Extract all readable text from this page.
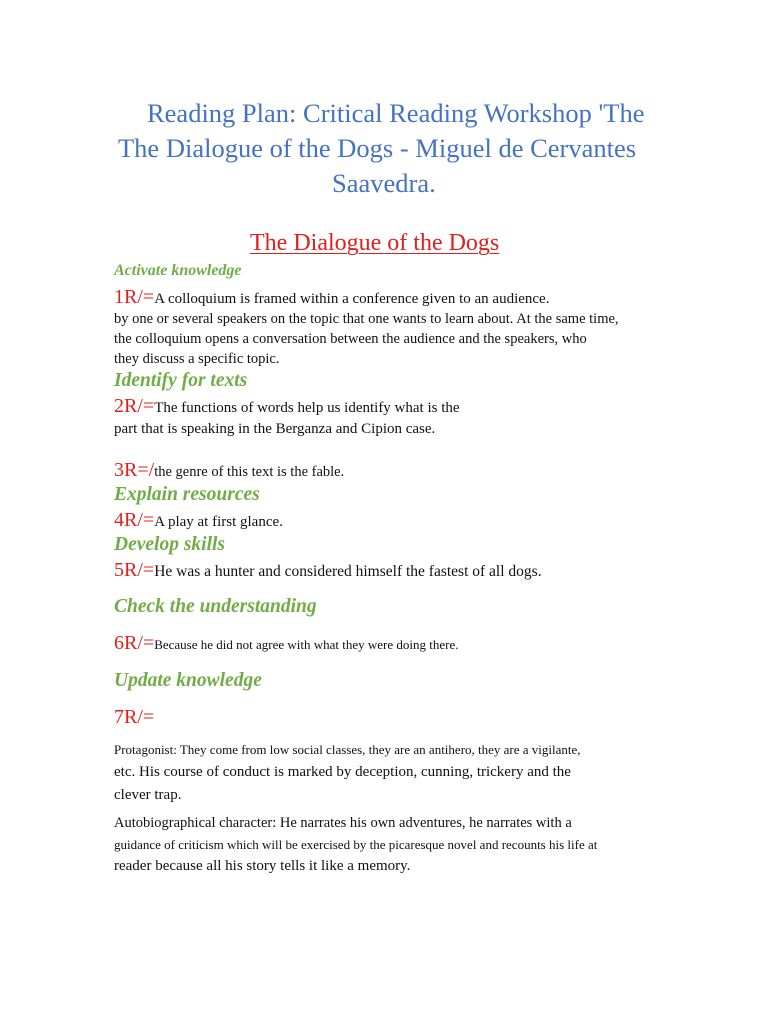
Reading Plan: Critical Reading Workshop 'The
The Dialogue of the Dogs - Miguel de Cervantes
Saavedra.
The Dialogue of the Dogs
Activate knowledge
1R/=A colloquium is framed within a conference given to an audience.
by one or several speakers on the topic that one wants to learn about. At the same time,
the colloquium opens a conversation between the audience and the speakers, who
they discuss a specific topic.
Identify for texts
2R/=The functions of words help us identify what is the
part that is speaking in the Berganza and Cipion case.
3R=/the genre of this text is the fable.
Explain resources
4R/=A play at first glance.
Develop skills
5R/=He was a hunter and considered himself the fastest of all dogs.
Check the understanding
6R/=Because he did not agree with what they were doing there.
Update knowledge
7R/=
Protagonist: They come from low social classes, they are an antihero, they are a vigilante,
etc. His course of conduct is marked by deception, cunning, trickery and the
clever trap.
Autobiographical character: He narrates his own adventures, he narrates with a
guidance of criticism which will be exercised by the picaresque novel and recounts his life at
reader because all his story tells it like a memory.
